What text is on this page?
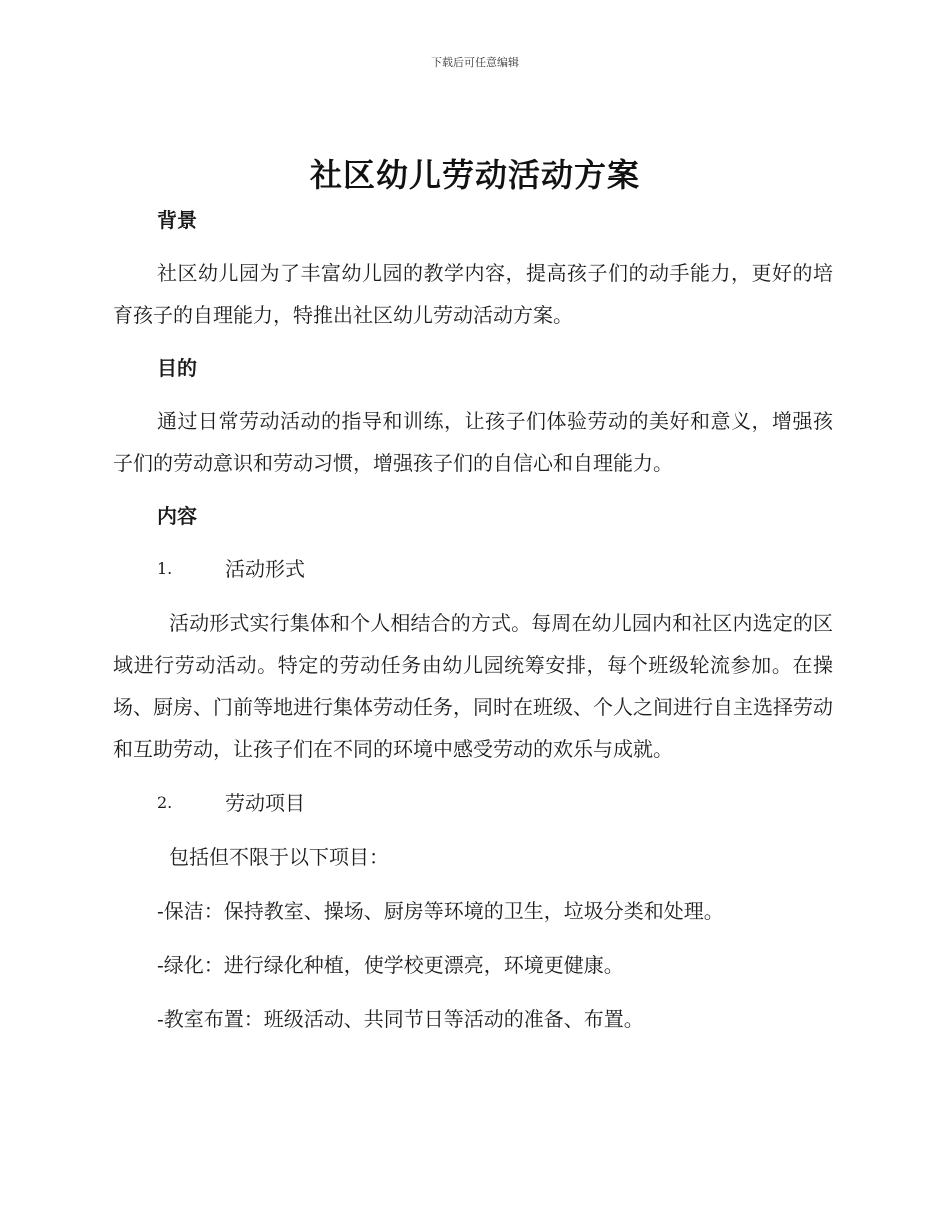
下载后可任意编辑
社区幼儿劳动活动方案
背景

社区幼儿园为了丰富幼儿园的教学内容，提高孩子们的动手能力，更好的培育孩子的自理能力，特推出社区幼儿劳动活动方案。

目的

通过日常劳动活动的指导和训练，让孩子们体验劳动的美好和意义，增强孩子们的劳动意识和劳动习惯，增强孩子们的自信心和自理能力。

内容
1.	活动形式

活动形式实行集体和个人相结合的方式。每周在幼儿园内和社区内选定的区域进行劳动活动。特定的劳动任务由幼儿园统筹安排，每个班级轮流参加。在操场、厨房、门前等地进行集体劳动任务，同时在班级、个人之间进行自主选择劳动和互助劳动，让孩子们在不同的环境中感受劳动的欢乐与成就。

2.	劳动项目

包括但不限于以下项目：

-保洁：保持教室、操场、厨房等环境的卫生，垃圾分类和处理。

-绿化：进行绿化种植，使学校更漂亮，环境更健康。

-教室布置：班级活动、共同节日等活动的准备、布置。
